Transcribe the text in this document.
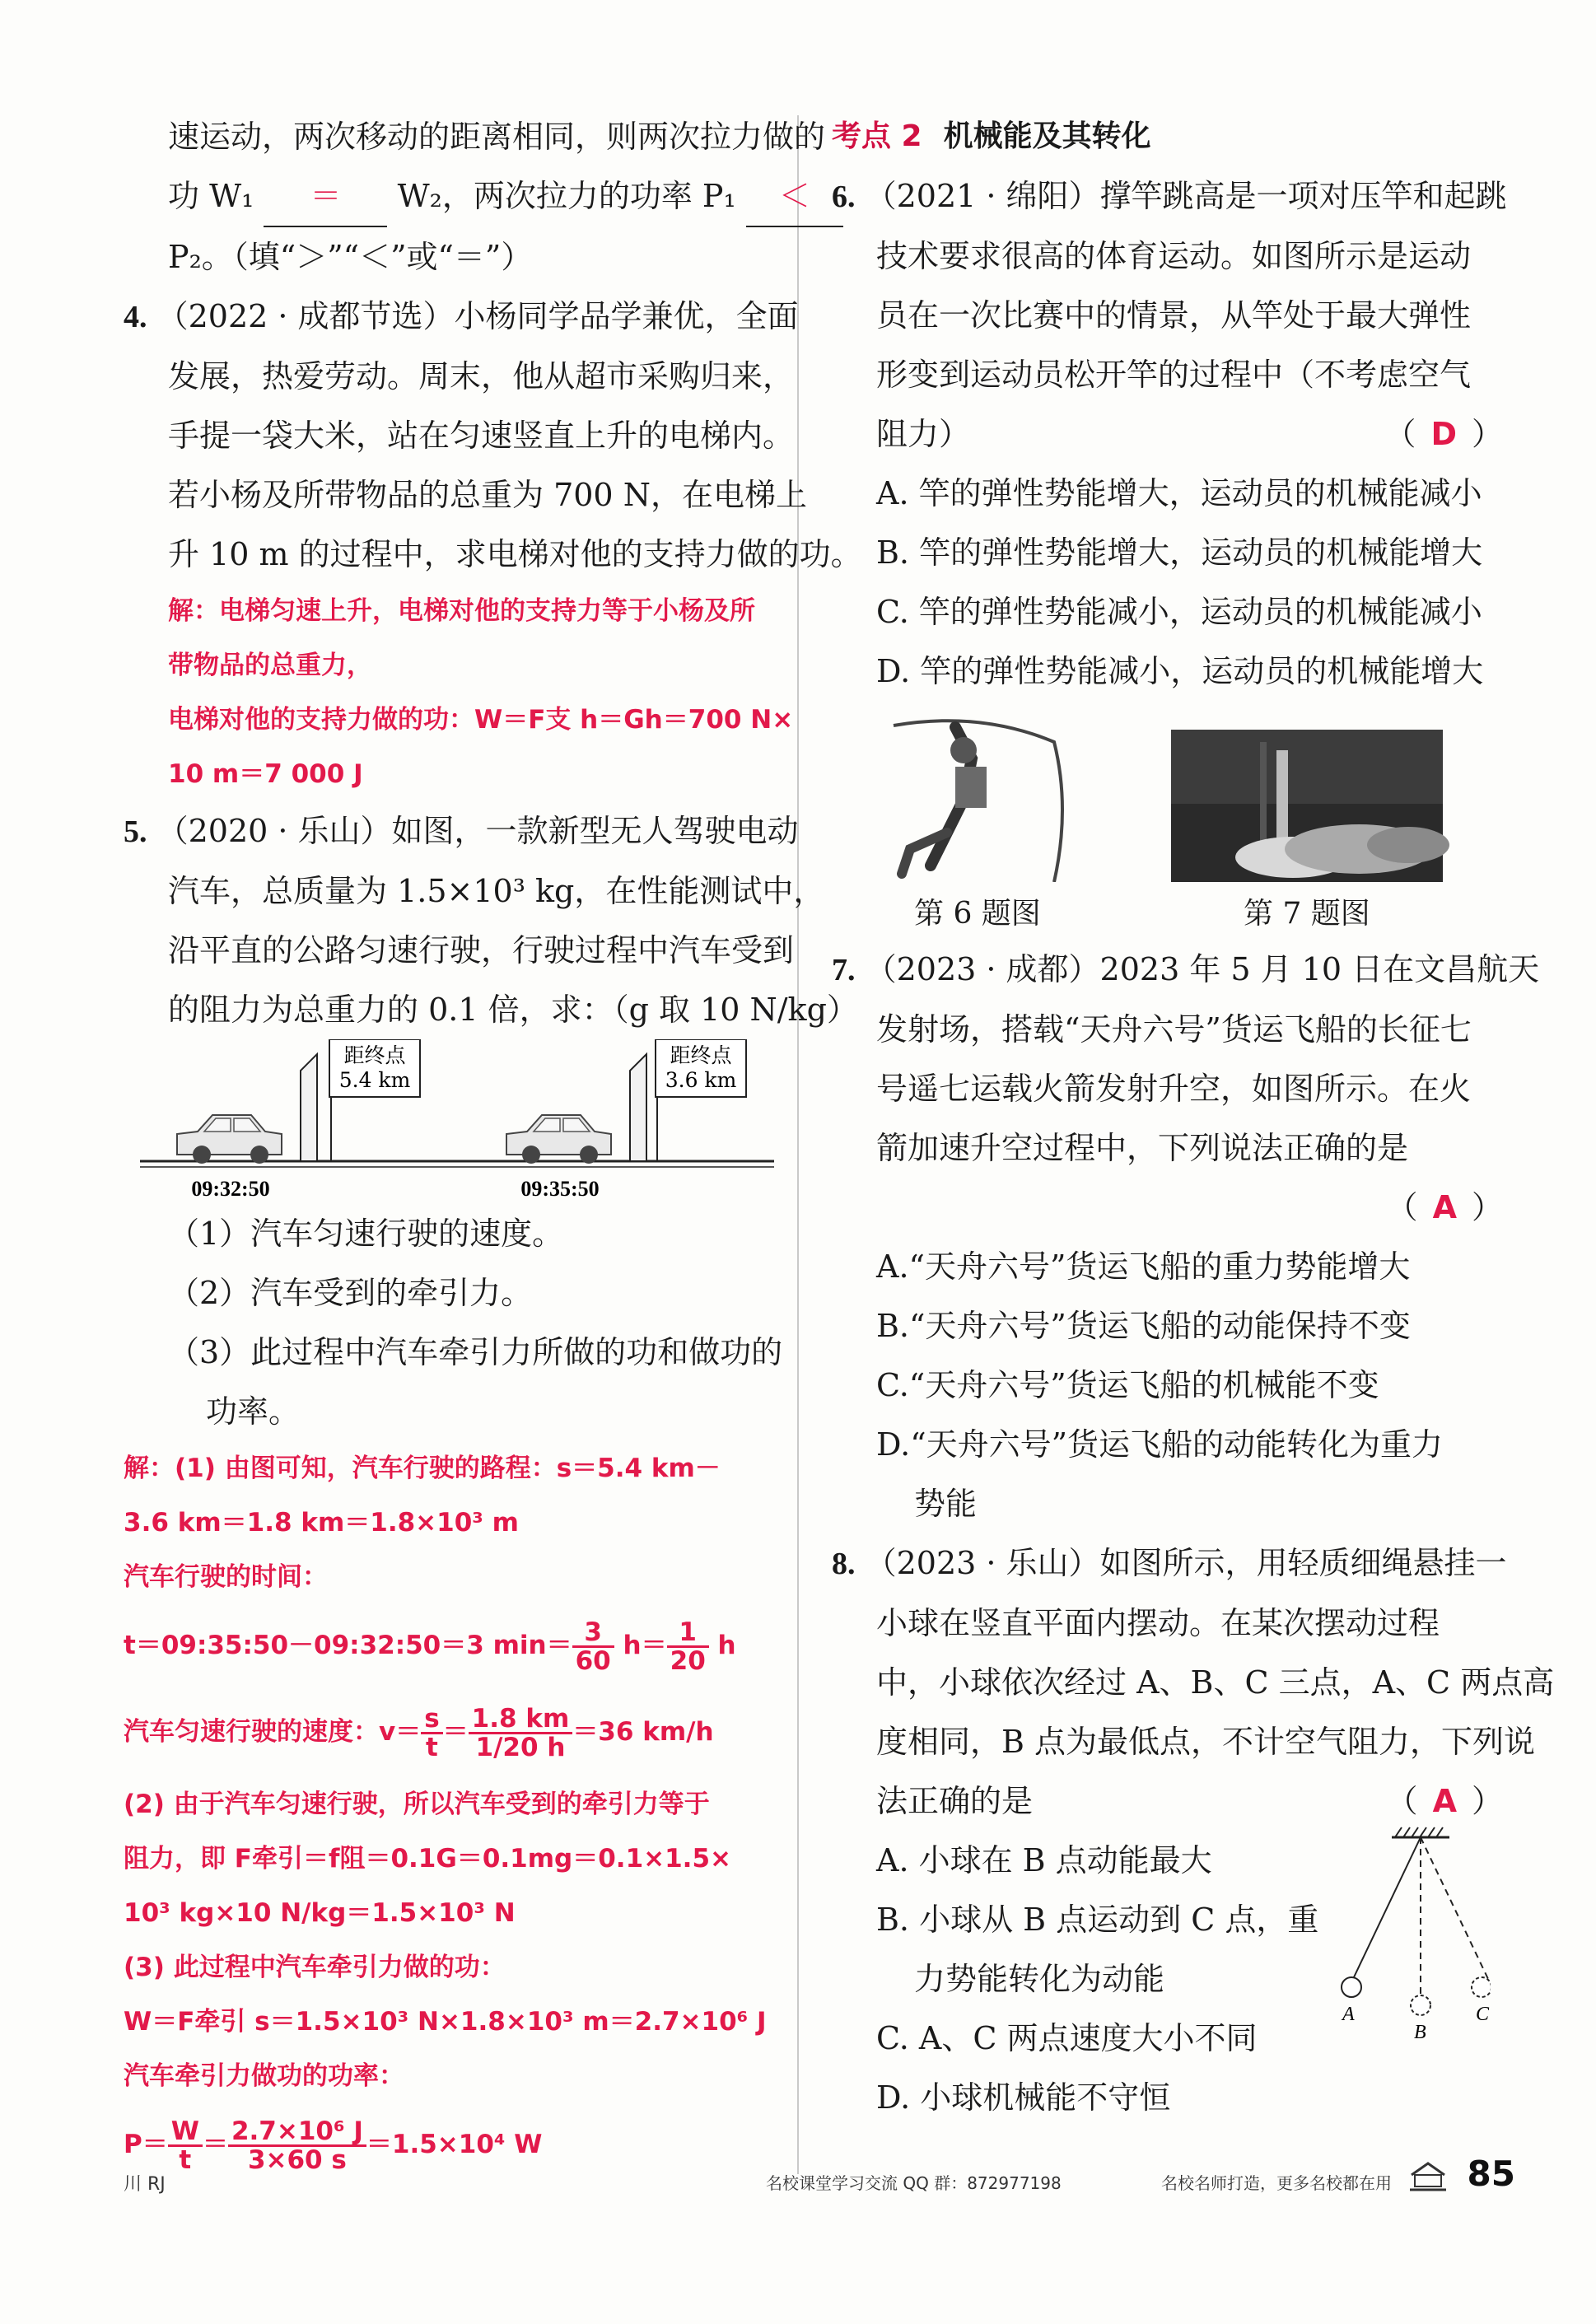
速运动，两次移动的距离相同，则两次拉力做的
功 W₁ ＝ W₂，两次拉力的功率 P₁ ＜
P₂。（填“＞”“＜”或“＝”）
4. （2022 · 成都节选）小杨同学品学兼优，全面
发展，热爱劳动。周末，他从超市采购归来，
手提一袋大米，站在匀速竖直上升的电梯内。
若小杨及所带物品的总重为 700 N，在电梯上
升 10 m 的过程中，求电梯对他的支持力做的功。
解：电梯匀速上升，电梯对他的支持力等于小杨及所
带物品的总重力，
电梯对他的支持力做的功：W＝F支 h＝Gh＝700 N×
10 m＝7 000 J
5. （2020 · 乐山）如图，一款新型无人驾驶电动
汽车，总质量为 1.5×10³ kg，在性能测试中，
沿平直的公路匀速行驶，行驶过程中汽车受到
的阻力为总重力的 0.1 倍，求：（g 取 10 N/kg）
距终点
5.4 km
距终点
3.6 km
09:32:50	09:35:50
（1）汽车匀速行驶的速度。
（2）汽车受到的牵引力。
（3）此过程中汽车牵引力所做的功和做功的
功率。
解：(1) 由图可知，汽车行驶的路程：s＝5.4 km－
3.6 km＝1.8 km＝1.8×10³ m
汽车行驶的时间：
t＝09:35:50－09:32:50＝3 $\min= \frac{3}{60} h= \frac{1}{20}$ h
汽车匀速行驶的速度：$v= \frac{s}{t} = \frac{1.8 km}{1/20 h} =36$ km/h
(2) 由于汽车匀速行驶，所以汽车受到的牵引力等于
阻力，即 F牵引＝f阻＝0.1G＝0.1mg＝0.1×1.5×
10³ kg×10 N/kg＝1.5×10³ N
(3) 此过程中汽车牵引力做的功：
W＝F牵引 s＝1.5×10³ N×1.8×10³ m＝2.7×10⁶ J
汽车牵引力做功的功率：
$P= \frac{W}{t} = \frac{\text{2.7×10⁶ J}}{3\times 60 s} =1.5\times 10^4$ W
考点 2 机械能及其转化
6. （2021 · 绵阳）撑竿跳高是一项对压竿和起跳
技术要求很高的体育运动。如图所示是运动
员在一次比赛中的情景，从竿处于最大弹性
形变到运动员松开竿的过程中（不考虑空气
阻力）	（ D ）
A. 竿的弹性势能增大，运动员的机械能减小
B. 竿的弹性势能增大，运动员的机械能增大
C. 竿的弹性势能减小，运动员的机械能减小
D. 竿的弹性势能减小，运动员的机械能增大
第 6 题图	第 7 题图
7. （2023 · 成都）2023 年 5 月 10 日在文昌航天
发射场，搭载“天舟六号”货运飞船的长征七
号遥七运载火箭发射升空，如图所示。在火
箭加速升空过程中，下列说法正确的是
（ A ）

A.“天舟六号”货运飞船的重力势能增大
B.“天舟六号”货运飞船的动能保持不变
C.“天舟六号”货运飞船的机械能不变
D.“天舟六号”货运飞船的动能转化为重力
势能
8. （2023 · 乐山）如图所示，用轻质细绳悬挂一
小球在竖直平面内摆动。在某次摆动过程
中，小球依次经过 A、B、C 三点，A、C 两点高
度相同，B 点为最低点，不计空气阻力，下列说
法正确的是	（ A ）
A. 小球在 B 点动能最大
B. 小球从 B 点运动到 C 点，重
力势能转化为动能
C. A、C 两点速度大小不同
D. 小球机械能不守恒
A
B
C
川 RJ	名校课堂学习交流 QQ 群：872977198	名校名师打造，更多名校都在用 85
